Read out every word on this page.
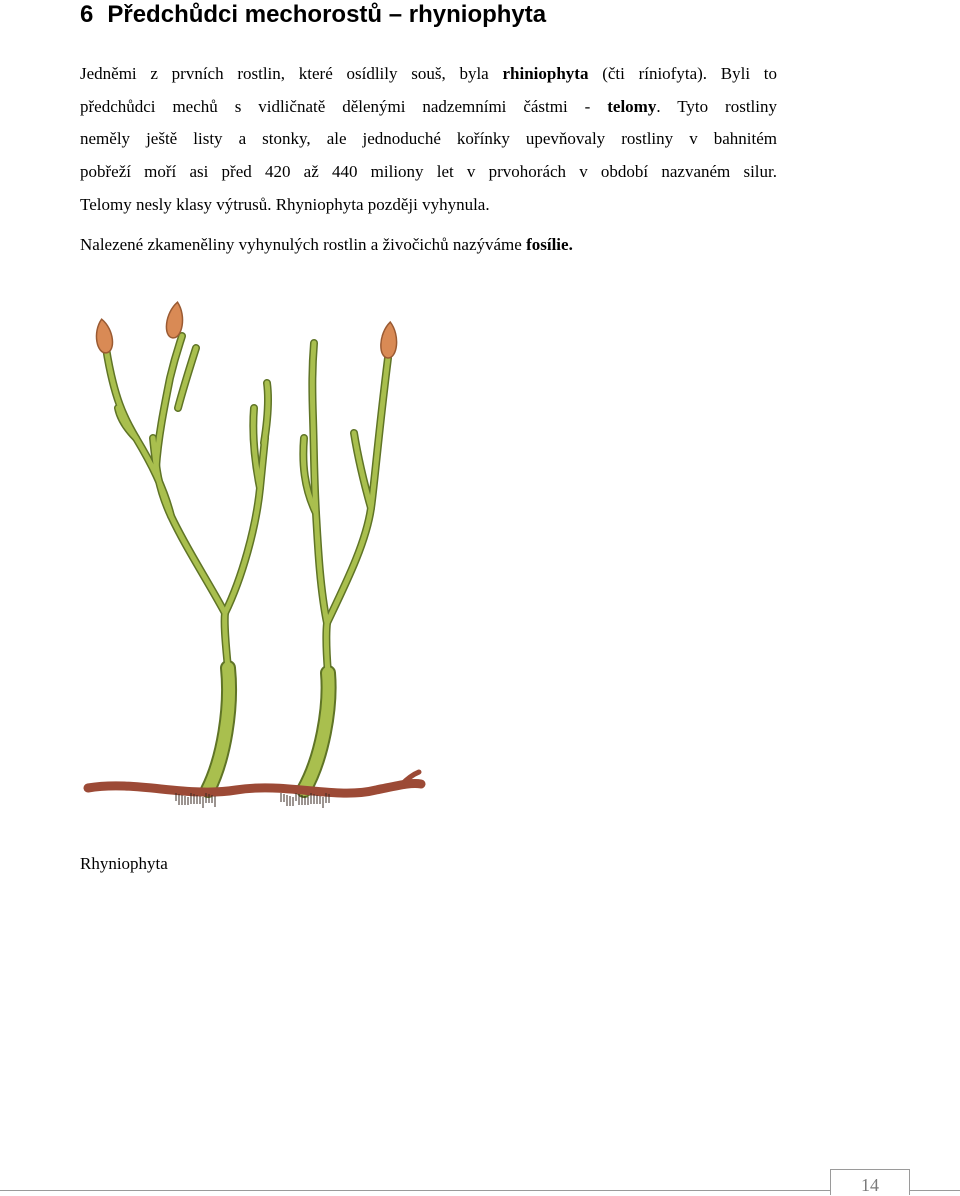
6 Předchůdci mechorostů – rhyniophyta
Jedněmi z prvních rostlin, které osídlily souš, byla rhiniophyta (čti ríniofyta). Byli to
předchůdci mechů s vidličnatě dělenými nadzemními částmi - telomy. Tyto rostliny
neměly ještě listy a stonky, ale jednoduché kořínky upevňovaly rostliny v bahnitém
pobřeží moří asi před 420 až 440 miliony let v prvohorách v období nazvaném silur.
Telomy nesly klasy výtrusů. Rhyniophyta později vyhynula.
Nalezené zkameněliny vyhynulých rostlin a živočichů nazýváme fosílie.
Rhyniophyta
14
